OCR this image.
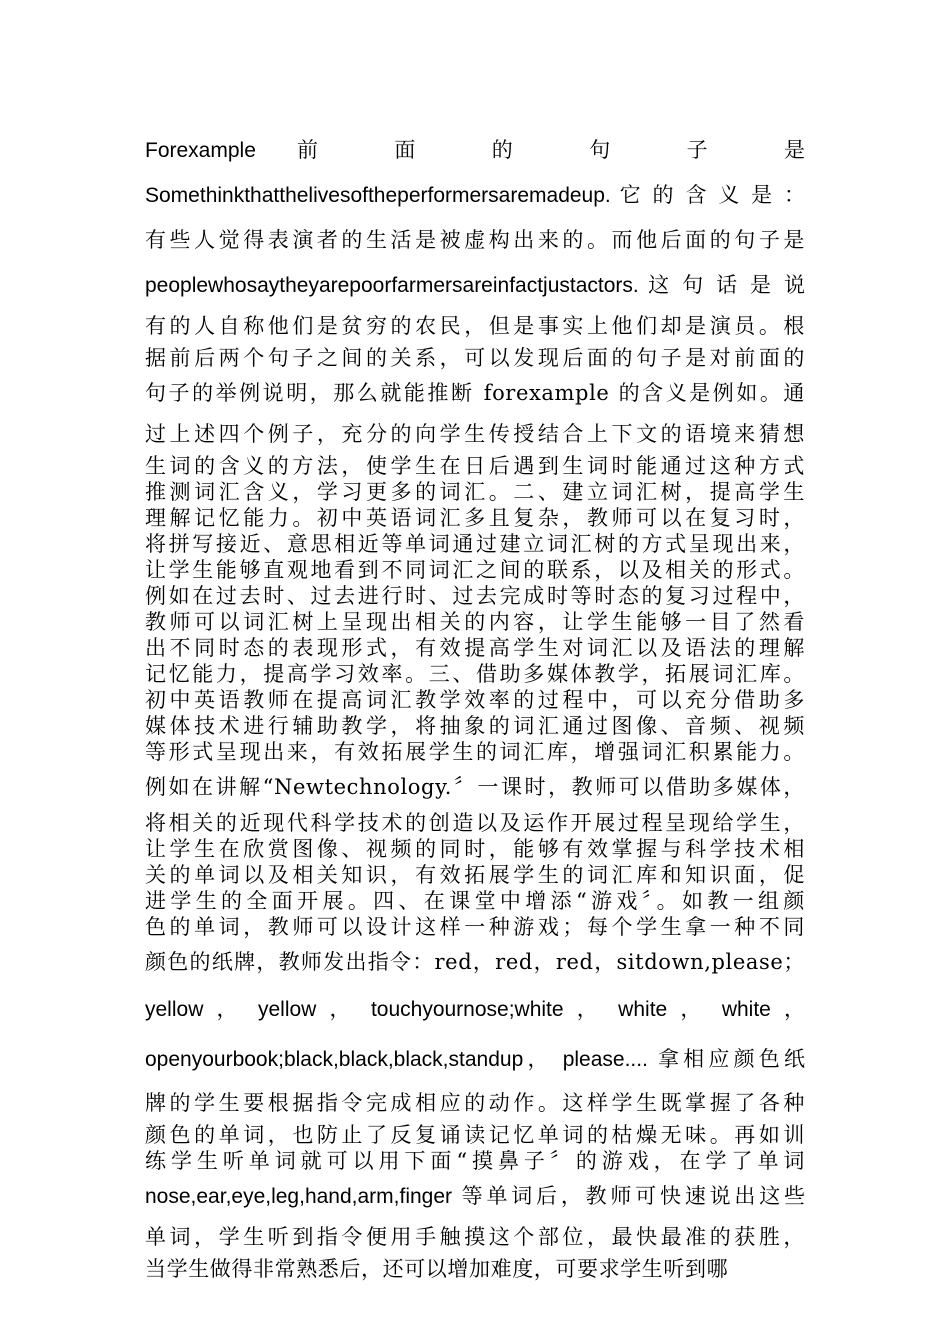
Forexample 前 面 的 句 子 是
Somethinkthatthelivesoftheperformersaremadeup. 它 的 含 义 是 ：
有些人觉得表演者的生活是被虚构出来的。而他后面的句子是
peoplewhosaytheyarepoorfarmersareinfactjustactors. 这 句 话 是 说
有的人自称他们是贫穷的农民，但是事实上他们却是演员。根
据前后两个句子之间的关系，可以发现后面的句子是对前面的
句子的举例说明，那么就能推断 forexample 的含义是例如。通
过上述四个例子，充分的向学生传授结合上下文的语境来猜想
生词的含义的方法，使学生在日后遇到生词时能通过这种方式
推测词汇含义，学习更多的词汇。二、建立词汇树，提高学生
理解记忆能力。初中英语词汇多且复杂，教师可以在复习时，
将拼写接近、意思相近等单词通过建立词汇树的方式呈现出来，
让学生能够直观地看到不同词汇之间的联系，以及相关的形式。
例如在过去时、过去进行时、过去完成时等时态的复习过程中，
教师可以词汇树上呈现出相关的内容，让学生能够一目了然看
出不同时态的表现形式，有效提高学生对词汇以及语法的理解
记忆能力，提高学习效率。三、借助多媒体教学，拓展词汇库。
初中英语教师在提高词汇教学效率的过程中，可以充分借助多
媒体技术进行辅助教学，将抽象的词汇通过图像、音频、视频
等形式呈现出来，有效拓展学生的词汇库，增强词汇积累能力。
例如在讲解“Newtechnology.〞一课时，教师可以借助多媒体，
将相关的近现代科学技术的创造以及运作开展过程呈现给学生，
让学生在欣赏图像、视频的同时，能够有效掌握与科学技术相
关的单词以及相关知识，有效拓展学生的词汇库和知识面，促
进学生的全面开展。四、在课堂中增添“游戏〞。如教一组颜
色的单词，教师可以设计这样一种游戏；每个学生拿一种不同
颜色的纸牌，教师发出指令：red，red，red，sitdown,please；
yellow ， yellow ， touchyournose;white ， white ， white ，
openyourbook;black,black,black,standup， please.... 拿相应颜色纸
牌的学生要根据指令完成相应的动作。这样学生既掌握了各种
颜色的单词，也防止了反复诵读记忆单词的枯燥无味。再如训
练学生听单词就可以用下面“摸鼻子〞的游戏，在学了单词
nose,ear,eye,leg,hand,arm,finger 等单词后，教师可快速说出这些
单词，学生听到指令便用手触摸这个部位，最快最准的获胜，
当学生做得非常熟悉后，还可以增加难度，可要求学生听到哪
